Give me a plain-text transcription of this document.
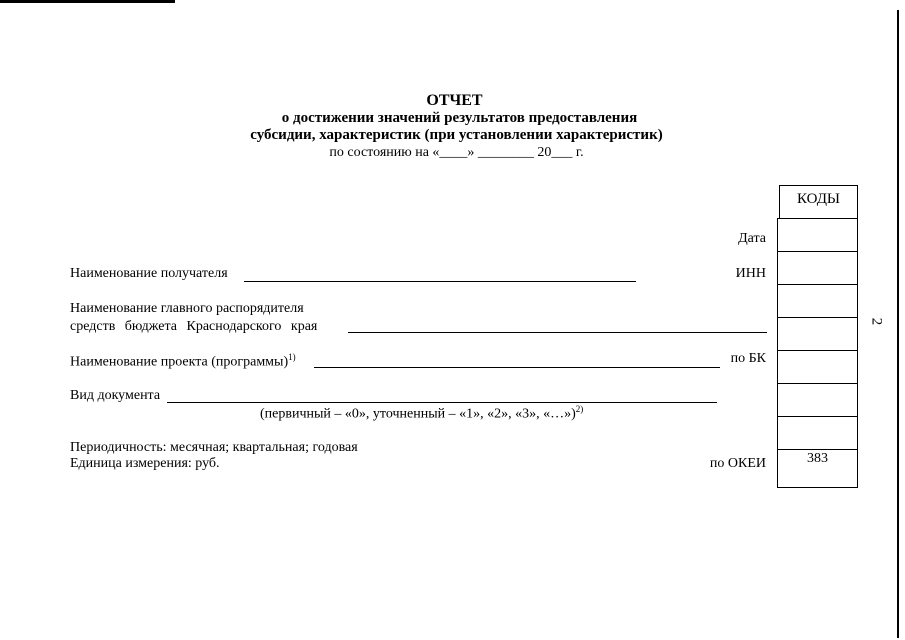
ОТЧЕТ
о достижении значений результатов предоставления
субсидии, характеристик (при установлении характеристик)
по состоянию на «____» ________ 20___ г.
КОДЫ
383
Дата
ИНН
по БК
по ОКЕИ
Наименование получателя
Наименование главного распорядителя
средств бюджета Краснодарского края
Наименование проекта (программы)$^{1)}$
Вид документа
(первичный – «0», уточненный – «1», «2», «3», «…»)$^{2)}$
Периодичность: месячная; квартальная; годовая
Единица измерения: руб.
2
